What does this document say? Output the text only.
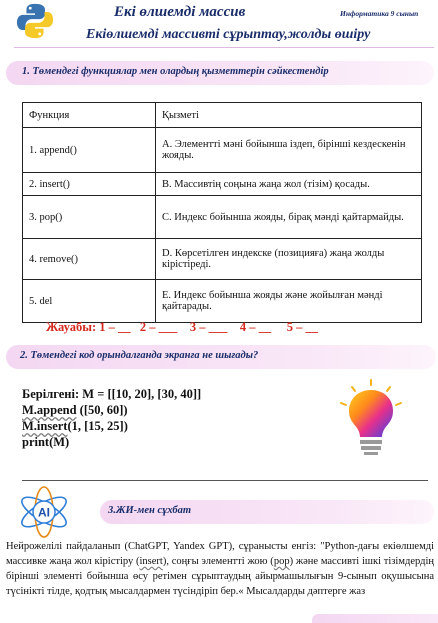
Екі өлшемді массив	Информатика 9 сынып
Екіөлшемді массивті сұрыптау,жолды өшіру
1. Төмендегі функциялар мен олардың қызметтерін сәйкестендір
Функция	Қызметі
1. append()	А. Элементті мәні бойынша іздеп, бірінші кездескенін жояды.
2. insert()	В. Массивтің соңына жаңа жол (тізім) қосады.
3. pop()	С. Индекс бойынша жояды, бірақ мәнді қайтармайды.
4. remove()	D. Көрсетілген индекске (позицияға) жаңа жолды кірістіреді.
5. del	Е. Индекс бойынша жояды және жойылған мәнді қайтарады.
Жауабы: 1 – __   2 – ___    3 – ___    4 – __     5 – __
2. Төмендегі код орындалғанда экранға не шығады?
Берілгені: M = [[10, 20], [30, 40]]
M.append ([50, 60])
M.insert(1, [15, 25])
print(M)
AI	3.ЖИ-мен сұхбат
Нейрожелілі пайдаланып (ChatGPT, Yandex GPT), сұранысты енгіз: "Python-дағы екіөлшемді массивке жаңа жол кірістіру (insert), соңғы элементті жою (pop) және массивті ішкі тізімдердің бірінші элементі бойынша өсу ретімен сұрыптаудың айырмашылығын 9-сынып оқушысына түсінікті тілде, қодтық мысалдармен түсіндіріп бер.« Мысалдарды дәптерге жаз
